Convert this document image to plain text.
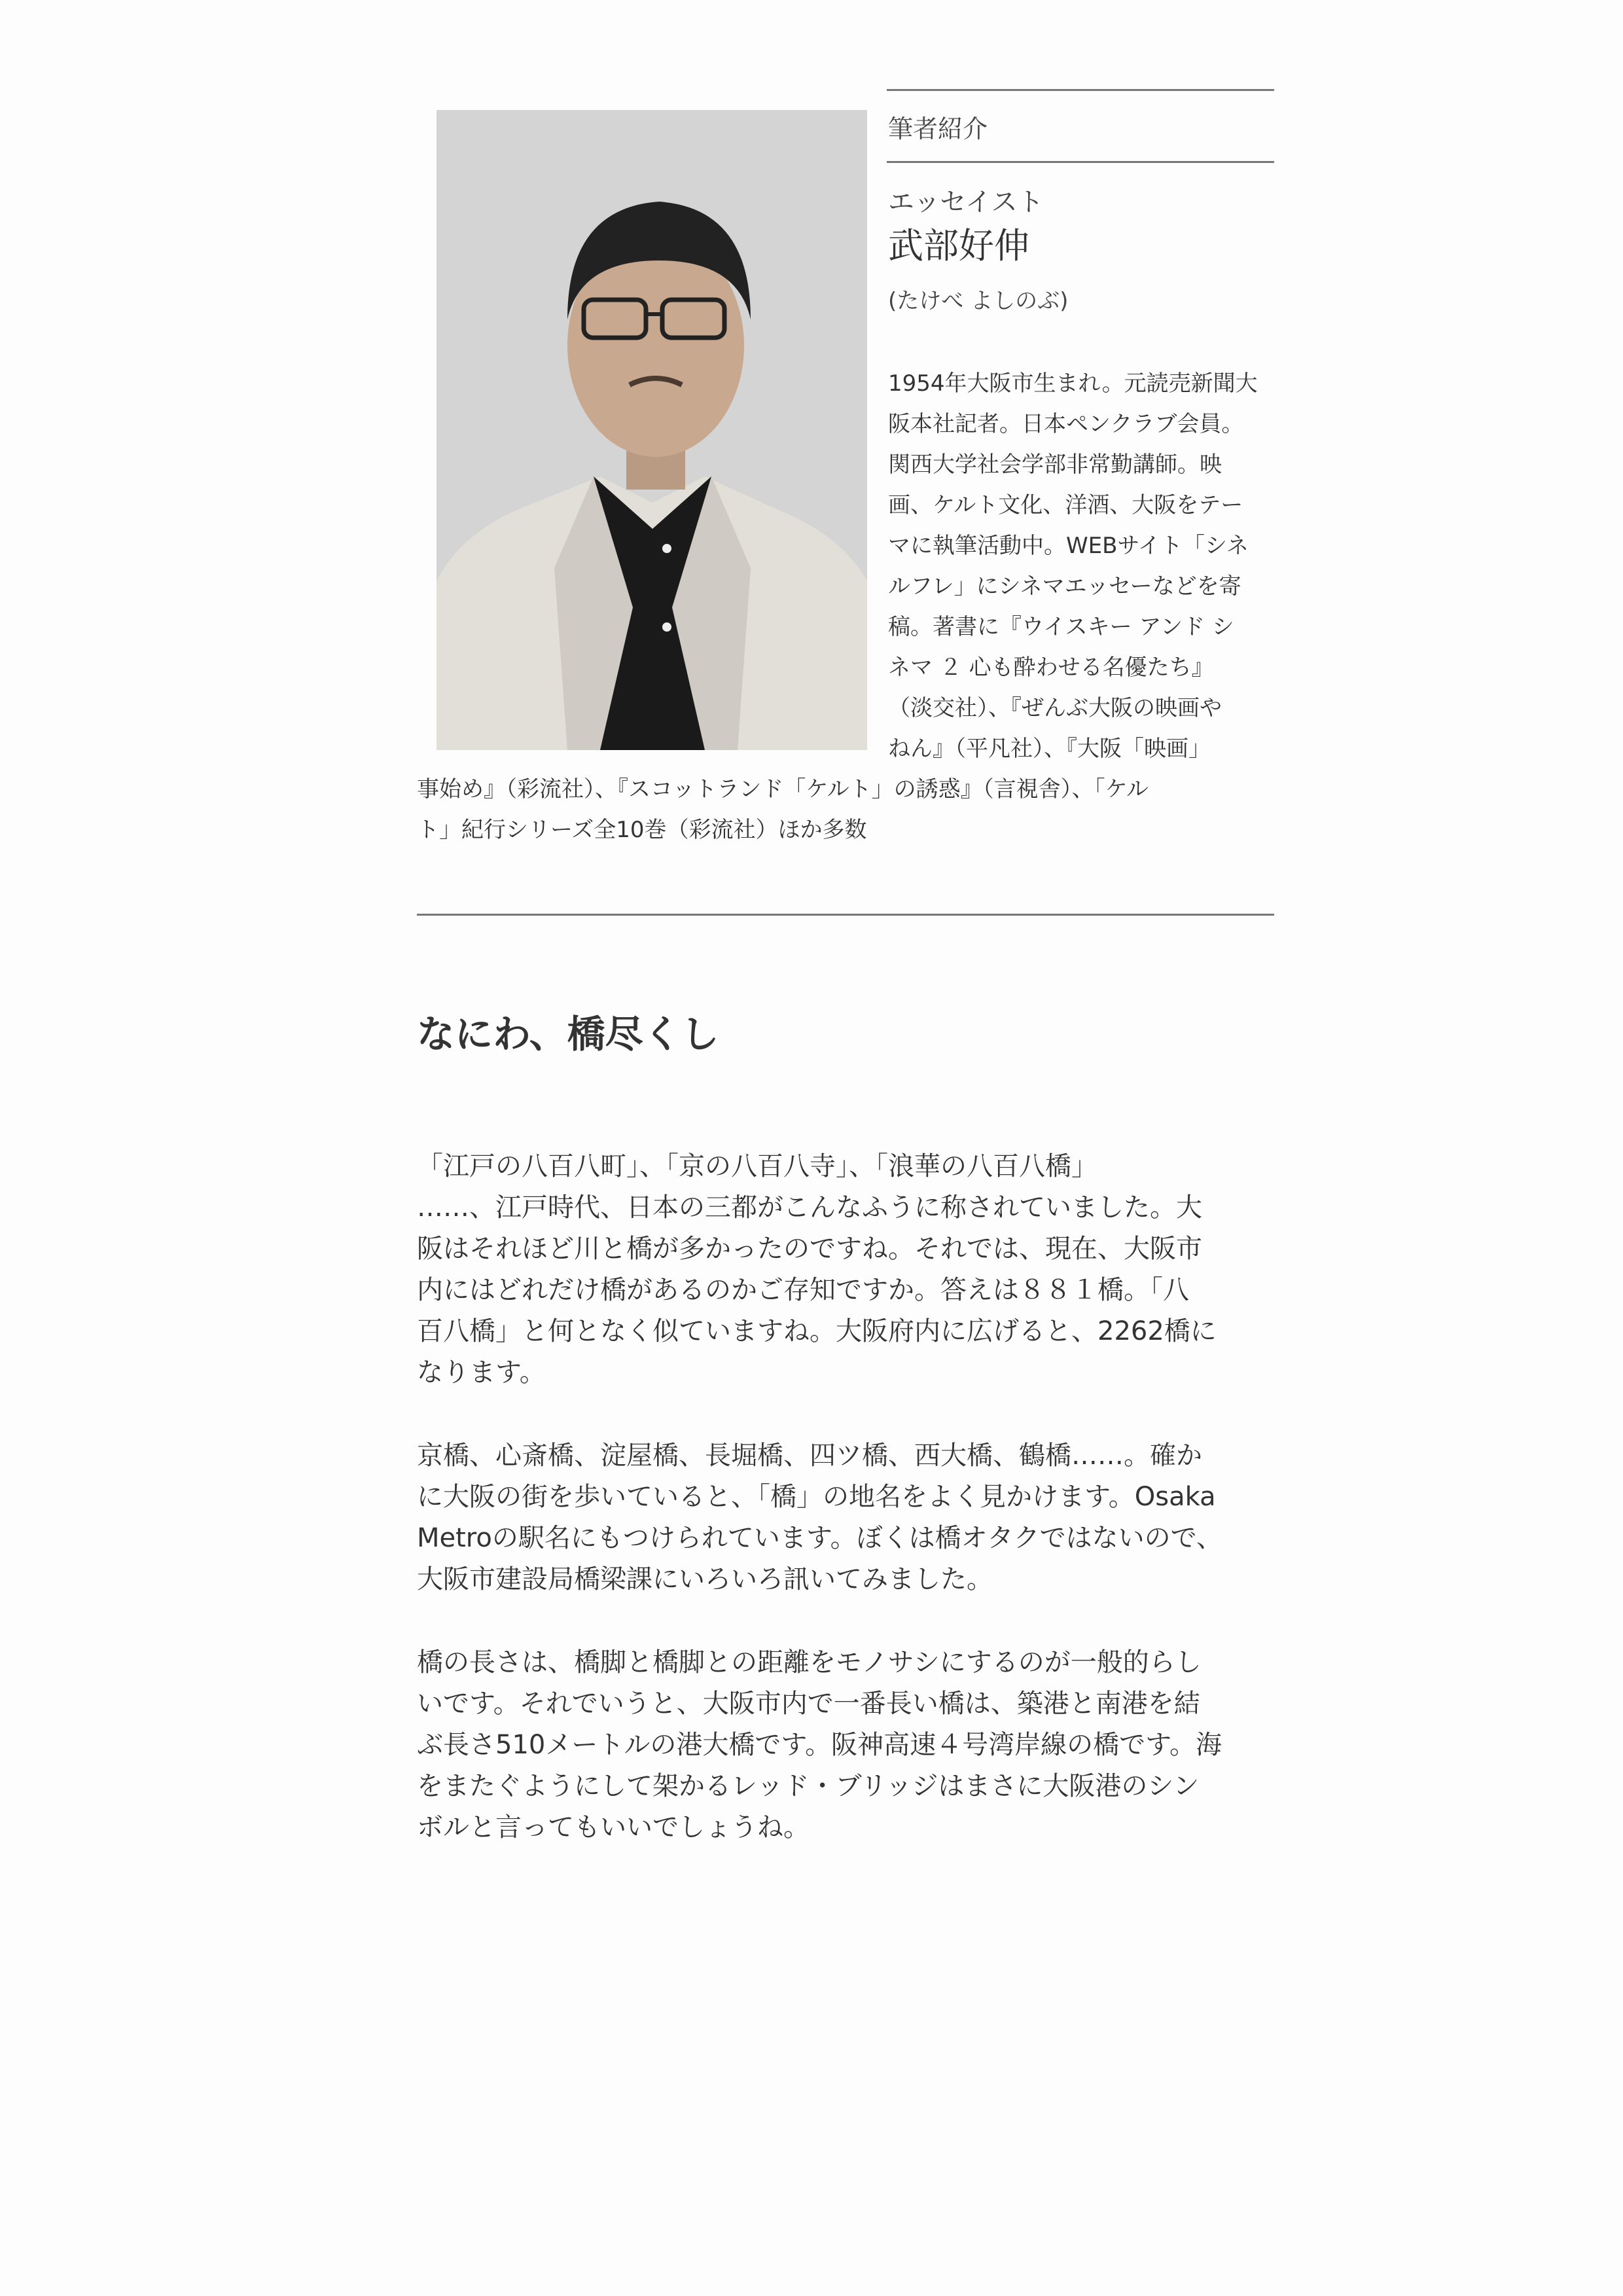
筆者紹介
エッセイスト
武部好伸
(たけべ よしのぶ)
1954年大阪市生まれ。元読売新聞大
阪本社記者。日本ペンクラブ会員。
関西大学社会学部非常勤講師。映
画、ケルト文化、洋酒、大阪をテー
マに執筆活動中。WEBサイト「シネ
ルフレ」にシネマエッセーなどを寄
稿。著書に『ウイスキー アンド シ
ネマ ２ 心も酔わせる名優たち』
（淡交社）、『ぜんぶ大阪の映画や
ねん』（平凡社）、『大阪「映画」
事始め』（彩流社）、『スコットランド「ケルト」の誘惑』（言視舎）、「ケル
ト」紀行シリーズ全10巻（彩流社）ほか多数
なにわ、橋尽くし
「江戸の八百八町」、「京の八百八寺」、「浪華の八百八橋」
……、江戸時代、日本の三都がこんなふうに称されていました。大
阪はそれほど川と橋が多かったのですね。それでは、現在、大阪市
内にはどれだけ橋があるのかご存知ですか。答えは８８１橋。「八
百八橋」と何となく似ていますね。大阪府内に広げると、2262橋に
なります。
京橋、心斎橋、淀屋橋、長堀橋、四ツ橋、西大橋、鶴橋……。確か
に大阪の街を歩いていると、「橋」の地名をよく見かけます。Osaka
Metroの駅名にもつけられています。ぼくは橋オタクではないので、
大阪市建設局橋梁課にいろいろ訊いてみました。
橋の長さは、橋脚と橋脚との距離をモノサシにするのが一般的らし
いです。それでいうと、大阪市内で一番長い橋は、築港と南港を結
ぶ長さ510メートルの港大橋です。阪神高速４号湾岸線の橋です。海
をまたぐようにして架かるレッド・ブリッジはまさに大阪港のシン
ボルと言ってもいいでしょうね。
